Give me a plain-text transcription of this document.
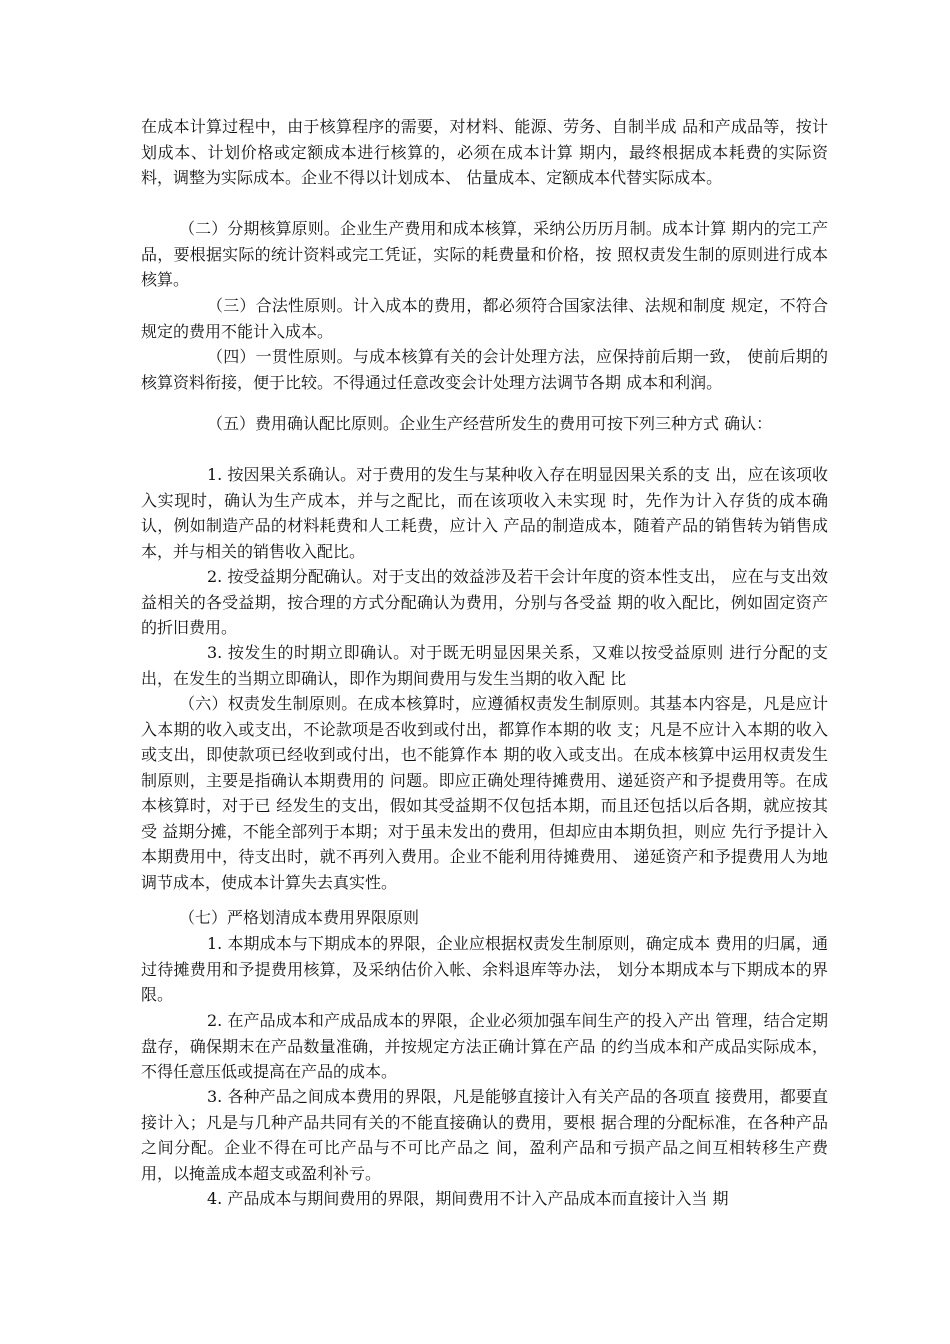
在成本计算过程中，由于核算程序的需要，对材料、能源、劳务、自制半成 品和产成品等，按计划成本、计划价格或定额成本进行核算的，必须在成本计算 期内，最终根据成本耗费的实际资料，调整为实际成本。企业不得以计划成本、 估量成本、定额成本代替实际成本。

（二）分期核算原则。企业生产费用和成本核算，采纳公历历月制。成本计算 期内的完工产品，要根据实际的统计资料或完工凭证，实际的耗费量和价格，按 照权责发生制的原则进行成本核算。

（三）合法性原则。计入成本的费用，都必须符合国家法律、法规和制度 规定，不符合规定的费用不能计入成本。

（四）一贯性原则。与成本核算有关的会计处理方法，应保持前后期一致， 使前后期的核算资料衔接，便于比较。不得通过任意改变会计处理方法调节各期 成本和利润。

（五）费用确认配比原则。企业生产经营所发生的费用可按下列三种方式 确认：

1. 按因果关系确认。对于费用的发生与某种收入存在明显因果关系的支 出，应在该项收入实现时，确认为生产成本，并与之配比，而在该项收入未实现 时，先作为计入存货的成本确认，例如制造产品的材料耗费和人工耗费，应计入 产品的制造成本，随着产品的销售转为销售成本，并与相关的销售收入配比。

2. 按受益期分配确认。对于支出的效益涉及若干会计年度的资本性支出， 应在与支出效益相关的各受益期，按合理的方式分配确认为费用，分别与各受益 期的收入配比，例如固定资产的折旧费用。

3. 按发生的时期立即确认。对于既无明显因果关系，又难以按受益原则 进行分配的支出，在发生的当期立即确认，即作为期间费用与发生当期的收入配 比

（六）权责发生制原则。在成本核算时，应遵循权责发生制原则。其基本内容是，凡是应计入本期的收入或支出，不论款项是否收到或付出，都算作本期的收 支；凡是不应计入本期的收入或支出，即使款项已经收到或付出，也不能算作本 期的收入或支出。在成本核算中运用权责发生制原则，主要是指确认本期费用的 问题。即应正确处理待摊费用、递延资产和予提费用等。在成本核算时，对于已 经发生的支出，假如其受益期不仅包括本期，而且还包括以后各期，就应按其受 益期分摊，不能全部列于本期；对于虽未发出的费用，但却应由本期负担，则应 先行予提计入本期费用中，待支出时，就不再列入费用。企业不能利用待摊费用、 递延资产和予提费用人为地调节成本，使成本计算失去真实性。

（七）严格划清成本费用界限原则

1. 本期成本与下期成本的界限，企业应根据权责发生制原则，确定成本 费用的归属，通过待摊费用和予提费用核算，及采纳估价入帐、余料退库等办法， 划分本期成本与下期成本的界限。

2. 在产品成本和产成品成本的界限，企业必须加强车间生产的投入产出 管理，结合定期盘存，确保期末在产品数量准确，并按规定方法正确计算在产品 的约当成本和产成品实际成本，不得任意压低或提高在产品的成本。

3. 各种产品之间成本费用的界限，凡是能够直接计入有关产品的各项直 接费用，都要直接计入；凡是与几种产品共同有关的不能直接确认的费用，要根 据合理的分配标准，在各种产品之间分配。企业不得在可比产品与不可比产品之 间，盈利产品和亏损产品之间互相转移生产费用，以掩盖成本超支或盈利补亏。

4. 产品成本与期间费用的界限，期间费用不计入产品成本而直接计入当 期
